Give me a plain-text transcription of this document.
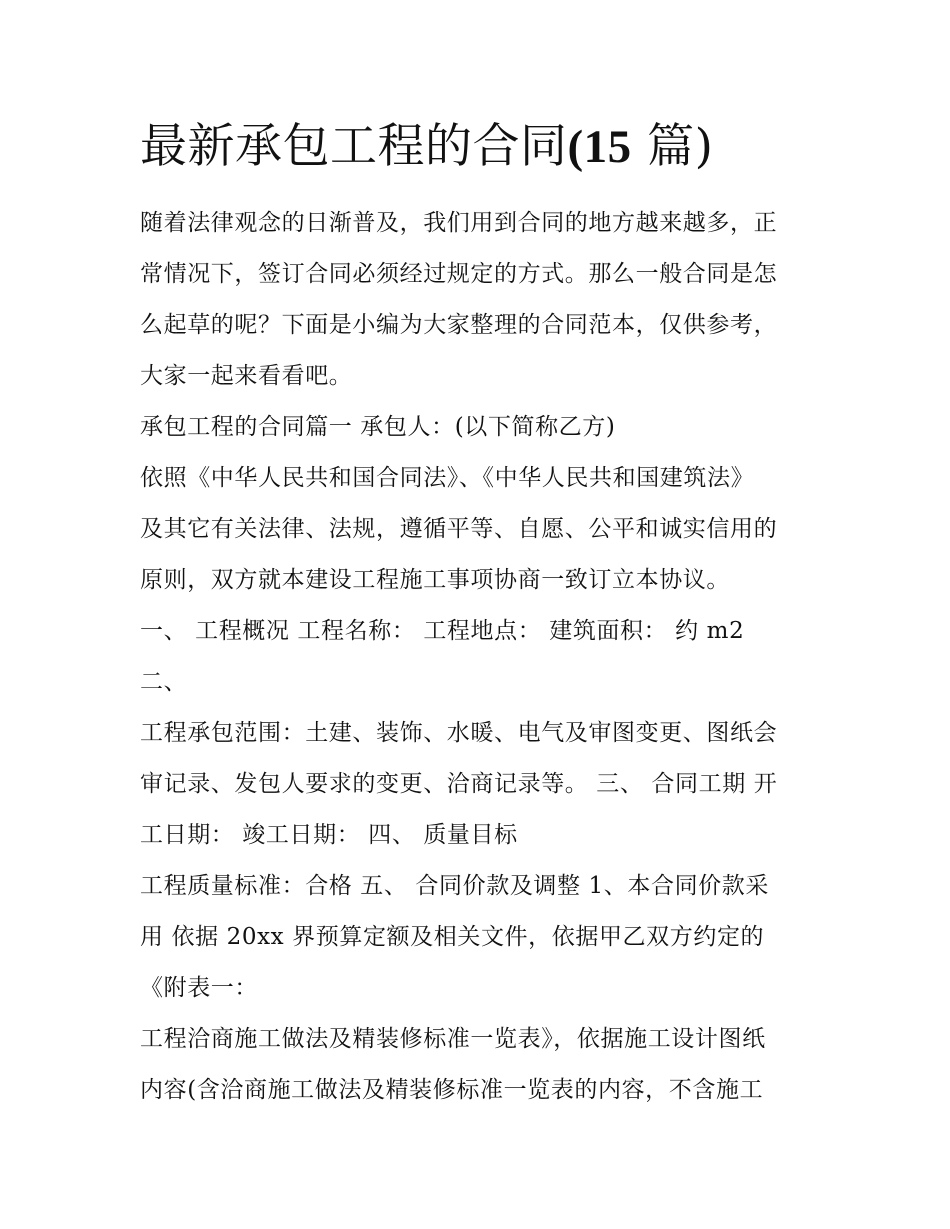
最新承包工程的合同(15 篇)
随着法律观念的日渐普及，我们用到合同的地方越来越多，正
常情况下，签订合同必须经过规定的方式。那么一般合同是怎
么起草的呢？下面是小编为大家整理的合同范本，仅供参考，
大家一起来看看吧。
承包工程的合同篇一 承包人：(以下简称乙方)
依照《中华人民共和国合同法》、《中华人民共和国建筑法》
及其它有关法律、法规，遵循平等、自愿、公平和诚实信用的
原则，双方就本建设工程施工事项协商一致订立本协议。
一、 工程概况 工程名称： 工程地点： 建筑面积： 约 m2
二、
工程承包范围：土建、装饰、水暖、电气及审图变更、图纸会
审记录、发包人要求的变更、洽商记录等。 三、 合同工期 开
工日期： 竣工日期： 四、 质量目标
工程质量标准：合格 五、 合同价款及调整 1、本合同价款采
用 依据 20xx 界预算定额及相关文件，依据甲乙双方约定的
《附表一：
工程洽商施工做法及精装修标准一览表》，依据施工设计图纸
内容(含洽商施工做法及精装修标准一览表的内容，不含施工
